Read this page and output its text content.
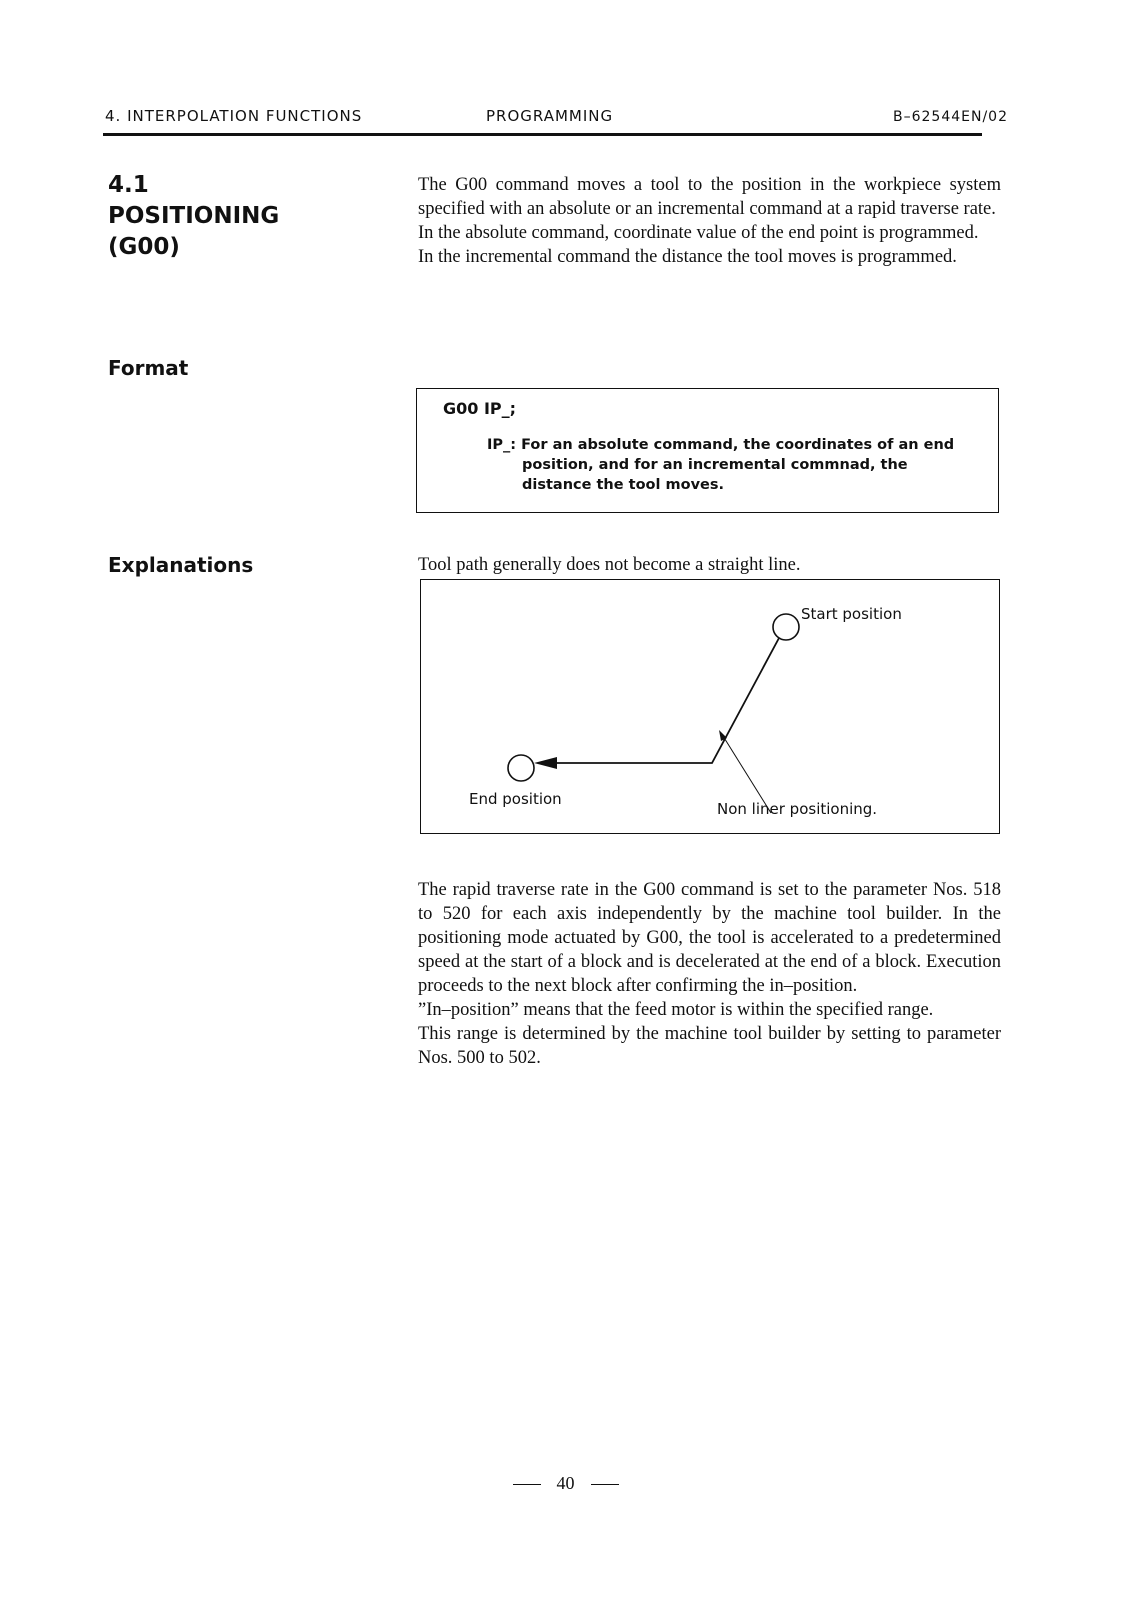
4. INTERPOLATION FUNCTIONS	PROGRAMMING	B–62544EN/02
4.1
POSITIONING
(G00)

The G00 command moves a tool to the position in the workpiece system specified with an absolute or an incremental command at a rapid traverse rate.

In the absolute command, coordinate value of the end point is programmed.

In the incremental command the distance the tool moves is programmed.

Format
G00 IP_;
IP_: For an absolute command, the coordinates of an end
position, and for an incremental commnad, the distance the tool moves.
Explanations	Tool path generally does not become a straight line.
Start position
End position
Non liner positioning.

The rapid traverse rate in the G00 command is set to the parameter Nos. 518 to 520 for each axis independently by the machine tool builder. In the positioning mode actuated by G00, the tool is accelerated to a predetermined speed at the start of a block and is decelerated at the end of a block. Execution proceeds to the next block after confirming the in–position.

”In–position” means that the feed motor is within the specified range.

This range is determined by the machine tool builder by setting to parameter Nos. 500 to 502.

40
